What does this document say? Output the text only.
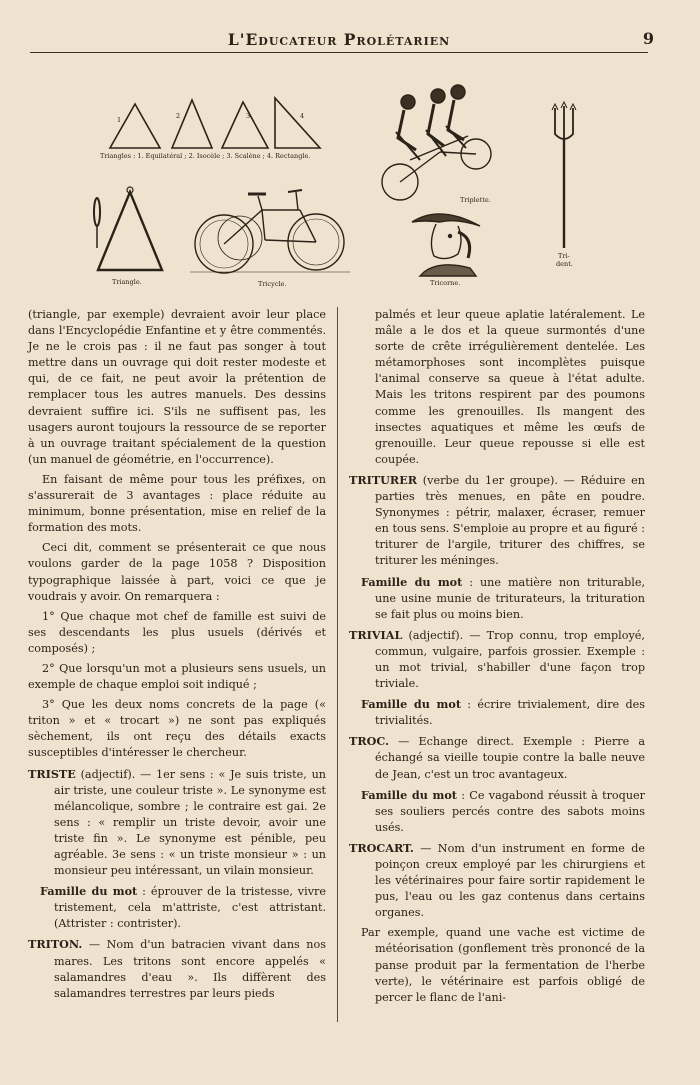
L'Educateur Prolétarien	9
1	2	3	4
Triangles : 1. Equilatéral ; 2. Isocèle ; 3. Scalène ; 4. Rectangle.
Triangle.	Tricycle.
Triplette.
Tricorne.
Tri-
dent.

(triangle, par exemple) devraient avoir leur place dans l'Encyclopédie Enfantine et y être commentés. Je ne le crois pas : il ne faut pas songer à tout mettre dans un ouvrage qui doit rester modeste et qui, de ce fait, ne peut avoir la prétention de remplacer tous les autres manuels. Des dessins devraient suffire ici. S'ils ne suffisent pas, les usagers auront toujours la ressource de se reporter à un ouvrage traitant spécialement de la question (un manuel de géométrie, en l'occurrence).

En faisant de même pour tous les préfixes, on s'assurerait de 3 avantages : place réduite au minimum, bonne présentation, mise en relief de la formation des mots.

Ceci dit, comment se présenterait ce que nous voulons garder de la page 1058 ? Disposition typographique laissée à part, voici ce que je voudrais y avoir. On remarquera :

1° Que chaque mot chef de famille est suivi de ses descendants les plus usuels (dérivés et composés) ;

2° Que lorsqu'un mot a plusieurs sens usuels, un exemple de chaque emploi soit indiqué ;

3° Que les deux noms concrets de la page (« triton » et « trocart ») ne sont pas expliqués sèchement, ils ont reçu des détails exacts susceptibles d'intéresser le chercheur.

TRISTE (adjectif). — 1er sens : « Je suis triste, un air triste, une couleur triste ». Le synonyme est mélancolique, sombre ; le contraire est gai. 2e sens : « remplir un triste devoir, avoir une triste fin ». Le synonyme est pénible, peu agréable. 3e sens : « un triste monsieur » : un monsieur peu intéressant, un vilain monsieur.

Famille du mot : éprouver de la tristesse, vivre tristement, cela m'attriste, c'est attristant. (Attrister : contrister).

TRITON. — Nom d'un batracien vivant dans nos mares. Les tritons sont encore appelés « salamandres d'eau ». Ils diffèrent des salamandres terrestres par leurs pieds

palmés et leur queue aplatie latéralement. Le mâle a le dos et la queue surmontés d'une sorte de crête irrégulièrement dentelée. Les métamorphoses sont incomplètes puisque l'animal conserve sa queue à l'état adulte. Mais les tritons respirent par des poumons comme les grenouilles. Ils mangent des insectes aquatiques et même les œufs de grenouille. Leur queue repousse si elle est coupée.

TRITURER (verbe du 1er groupe). — Réduire en parties très menues, en pâte en poudre. Synonymes : pétrir, malaxer, écraser, remuer en tous sens. S'emploie au propre et au figuré : triturer de l'argile, triturer des chiffres, se triturer les méninges.

Famille du mot : une matière non triturable, une usine munie de triturateurs, la trituration se fait plus ou moins bien.

TRIVIAL (adjectif). — Trop connu, trop employé, commun, vulgaire, parfois grossier. Exemple : un mot trivial, s'habiller d'une façon trop triviale.

Famille du mot : écrire trivialement, dire des trivialités.

TROC. — Echange direct. Exemple : Pierre a échangé sa vieille toupie contre la balle neuve de Jean, c'est un troc avantageux.

Famille du mot : Ce vagabond réussit à troquer ses souliers percés contre des sabots moins usés.

TROCART. — Nom d'un instrument en forme de poinçon creux employé par les chirurgiens et les vétérinaires pour faire sortir rapidement le pus, l'eau ou les gaz contenus dans certains organes.

Par exemple, quand une vache est victime de météorisation (gonflement très prononcé de la panse produit par la fermentation de l'herbe verte), le vétérinaire est parfois obligé de percer le flanc de l'ani-
